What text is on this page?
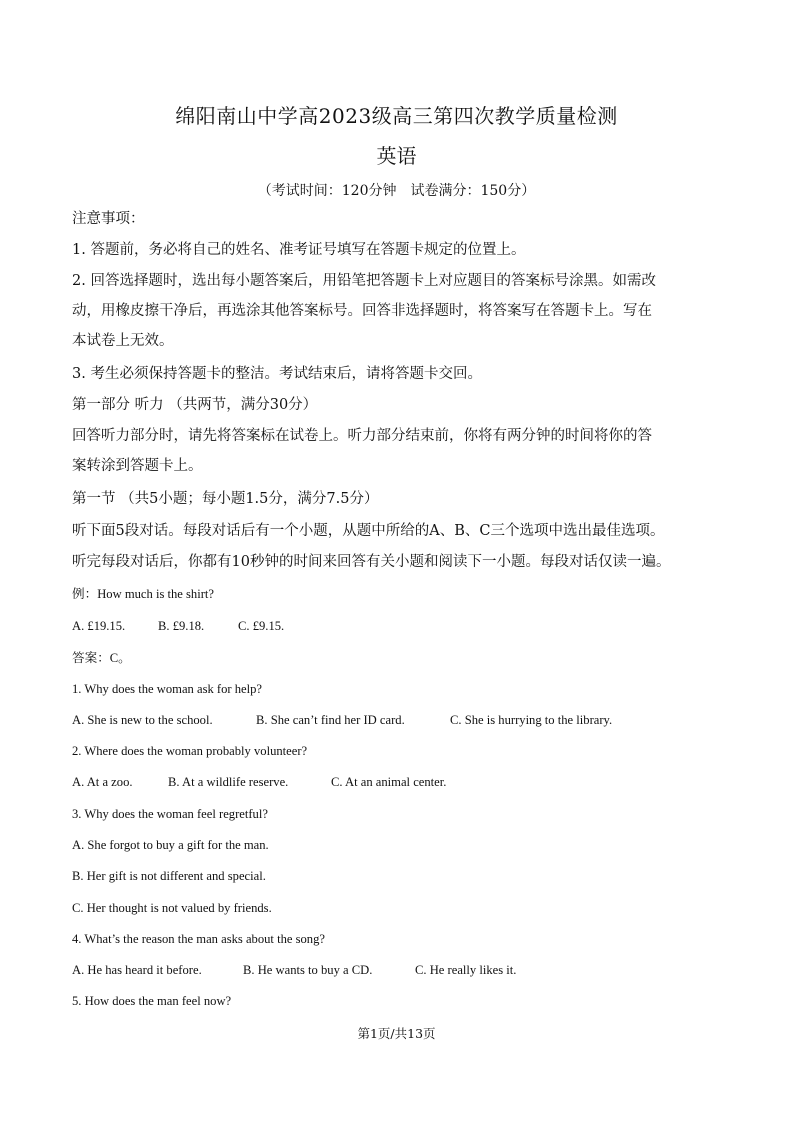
绵阳南山中学高2023级高三第四次教学质量检测
英语
（考试时间：120分钟　试卷满分：150分）

注意事项：

1. 答题前，务必将自己的姓名、准考证号填写在答题卡规定的位置上。

2. 回答选择题时，选出每小题答案后，用铅笔把答题卡上对应题目的答案标号涂黑。如需改

动，用橡皮擦干净后，再选涂其他答案标号。回答非选择题时，将答案写在答题卡上。写在

本试卷上无效。

3. 考生必须保持答题卡的整洁。考试结束后，请将答题卡交回。

第一部分 听力 （共两节，满分30分）

回答听力部分时，请先将答案标在试卷上。听力部分结束前，你将有两分钟的时间将你的答

案转涂到答题卡上。

第一节 （共5小题；每小题1.5分，满分7.5分）

听下面5段对话。每段对话后有一个小题，从题中所给的A、B、C三个选项中选出最佳选项。

听完每段对话后，你都有10秒钟的时间来回答有关小题和阅读下一小题。每段对话仅读一遍。

例：How much is the shirt?

A. £19.15.	B. £9.18.	C. £9.15.

答案：C。

1. Why does the woman ask for help?

A. She is new to the school.	B. She can’t find her ID card.	C. She is hurrying to the library.

2. Where does the woman probably volunteer?

A. At a zoo.	B. At a wildlife reserve.	C. At an animal center.

3. Why does the woman feel regretful?

A. She forgot to buy a gift for the man.

B. Her gift is not different and special.

C. Her thought is not valued by friends.

4. What’s the reason the man asks about the song?

A. He has heard it before.	B. He wants to buy a CD.	C. He really likes it.

5. How does the man feel now?

第1页/共13页
